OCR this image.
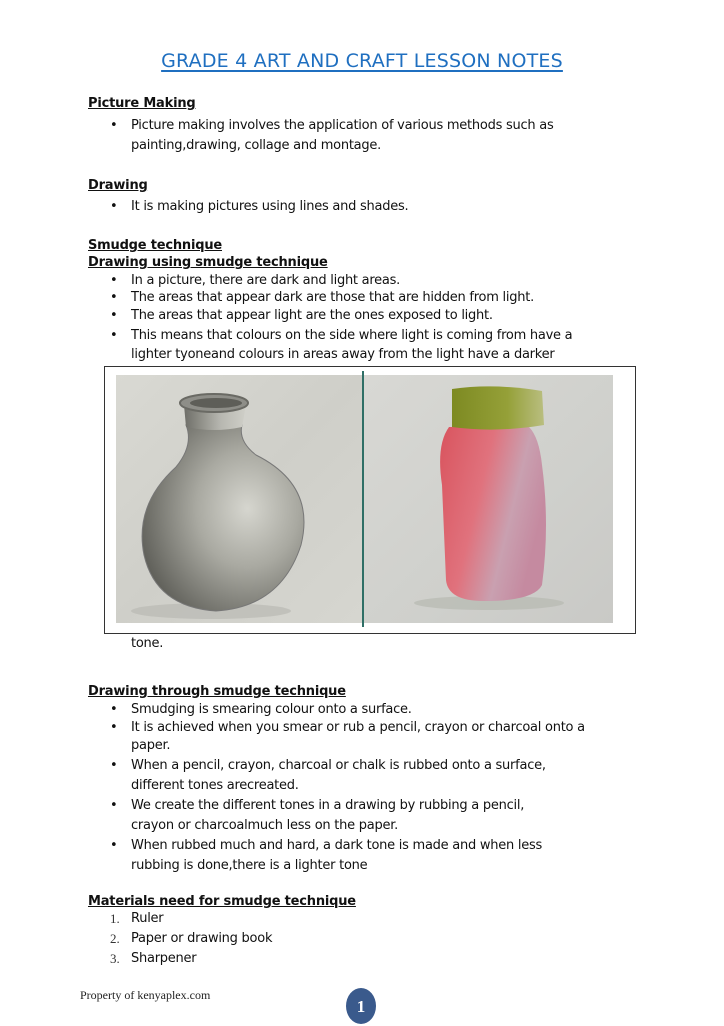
GRADE 4 ART AND CRAFT LESSON NOTES
Picture Making
• Picture making involves the application of various methods such as
painting,drawing, collage and montage.
Drawing
• It is making pictures using lines and shades.
Smudge technique
Drawing using smudge technique
• In a picture, there are dark and light areas.
• The areas that appear dark are those that are hidden from light.
• The areas that appear light are the ones exposed to light.
• This means that colours on the side where light is coming from have a
lighter tyoneand colours in areas away from the light have a darker
tone.
Drawing through smudge technique
• Smudging is smearing colour onto a surface.
• It is achieved when you smear or rub a pencil, crayon or charcoal onto a
paper.
• When a pencil, crayon, charcoal or chalk is rubbed onto a surface,
different tones arecreated.
• We create the different tones in a drawing by rubbing a pencil,
crayon or charcoalmuch less on the paper.
• When rubbed much and hard, a dark tone is made and when less
rubbing is done,there is a lighter tone
Materials need for smudge technique
1. Ruler
2. Paper or drawing book
3. Sharpener
Property of kenyaplex.com
1
